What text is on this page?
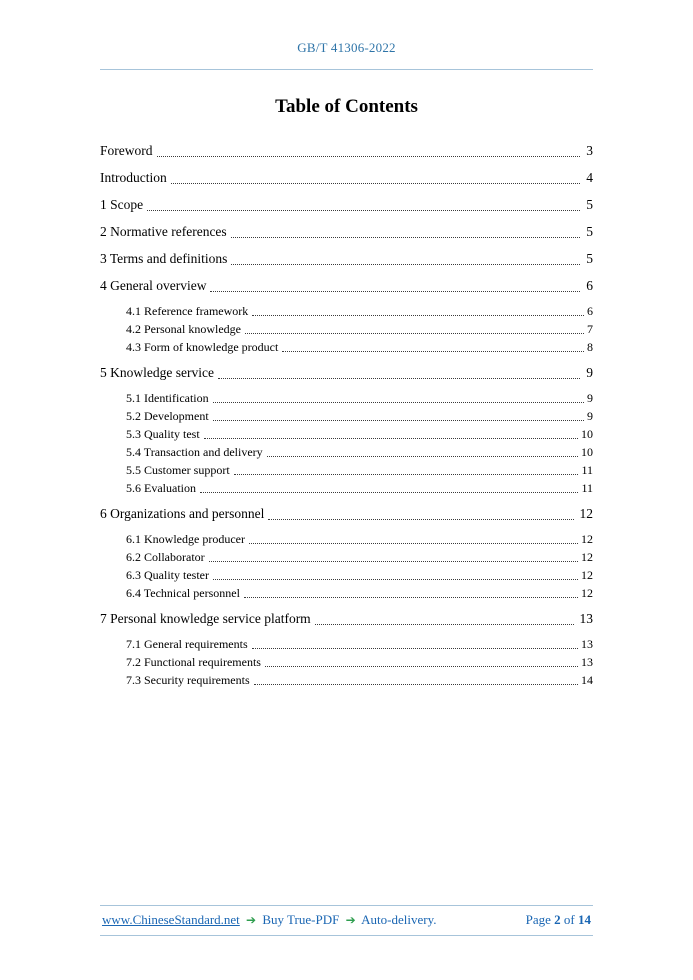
GB/T 41306-2022
Table of Contents
Foreword	3
Introduction	4
1 Scope	5
2 Normative references	5
3 Terms and definitions	5
4 General overview	6
4.1 Reference framework	6
4.2 Personal knowledge	7
4.3 Form of knowledge product	8
5 Knowledge service	9
5.1 Identification	9
5.2 Development	9
5.3 Quality test	10
5.4 Transaction and delivery	10
5.5 Customer support	11
5.6 Evaluation	11
6 Organizations and personnel	12
6.1 Knowledge producer	12
6.2 Collaborator	12
6.3 Quality tester	12
6.4 Technical personnel	12
7 Personal knowledge service platform	13
7.1 General requirements	13
7.2 Functional requirements	13
7.3 Security requirements	14
www.ChineseStandard.net ➔ Buy True-PDF ➔ Auto-delivery.	Page 2 of 14
